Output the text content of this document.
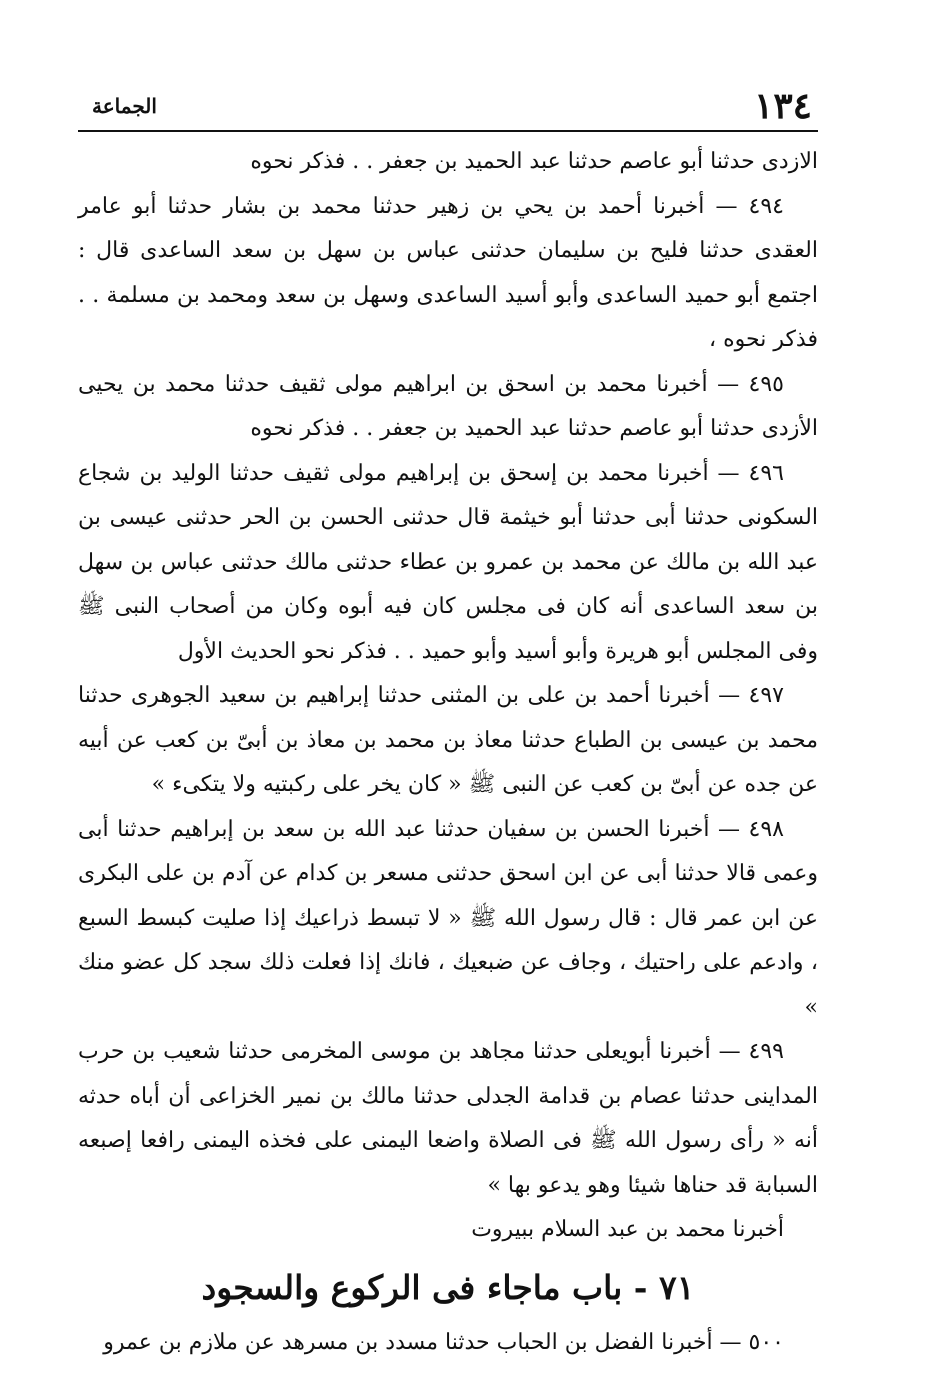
١٣٤
الجماعة

الازدى حدثنا أبو عاصم حدثنا عبد الحميد بن جعفر . . فذكر نحوه

٤٩٤ — أخبرنا أحمد بن يحي بن زهير حدثنا محمد بن بشار حدثنا أبو عامر العقدى حدثنا فليح بن سليمان حدثنى عباس بن سهل بن سعد الساعدى قال : اجتمع أبو حميد الساعدى وأبو أسيد الساعدى وسهل بن سعد ومحمد بن مسلمة . . فذكر نحوه ،

٤٩٥ — أخبرنا محمد بن اسحق بن ابراهيم مولى ثقيف حدثنا محمد بن يحيى الأزدى حدثنا أبو عاصم حدثنا عبد الحميد بن جعفر . . فذكر نحوه

٤٩٦ — أخبرنا محمد بن إسحق بن إبراهيم مولى ثقيف حدثنا الوليد بن شجاع السكونى حدثنا أبى حدثنا أبو خيثمة قال حدثنى الحسن بن الحر حدثنى عيسى بن عبد الله بن مالك عن محمد بن عمرو بن عطاء حدثنى مالك حدثنى عباس بن سهل بن سعد الساعدى أنه كان فى مجلس كان فيه أبوه وكان من أصحاب النبى ﷺ وفى المجلس أبو هريرة وأبو أسيد وأبو حميد . . فذكر نحو الحديث الأول

٤٩٧ — أخبرنا أحمد بن على بن المثنى حدثنا إبراهيم بن سعيد الجوهرى حدثنا محمد بن عيسى بن الطباع حدثنا معاذ بن محمد بن معاذ بن أبىّ بن كعب عن أبيه عن جده عن أبىّ بن كعب عن النبى ﷺ « كان يخر على ركبتيه ولا يتكىء »

٤٩٨ — أخبرنا الحسن بن سفيان حدثنا عبد الله بن سعد بن إبراهيم حدثنا أبى وعمى قالا حدثنا أبى عن ابن اسحق حدثنى مسعر بن كدام عن آدم بن على البكرى عن ابن عمر قال : قال رسول الله ﷺ « لا تبسط ذراعيك إذا صليت كبسط السبع ، وادعم على راحتيك ، وجاف عن ضبعيك ، فانك إذا فعلت ذلك سجد كل عضو منك »

٤٩٩ — أخبرنا أبويعلى حدثنا مجاهد بن موسى المخرمى حدثنا شعيب بن حرب المداينى حدثنا عصام بن قدامة الجدلى حدثنا مالك بن نمير الخزاعى أن أباه حدثه أنه « رأى رسول الله ﷺ فى الصلاة واضعا اليمنى على فخذه اليمنى رافعا إصبعه السبابة قد حناها شيئا وهو يدعو بها »

أخبرنا محمد بن عبد السلام ببيروت

٧١ - باب ماجاء فى الركوع والسجود

٥٠٠ — أخبرنا الفضل بن الحباب حدثنا مسدد بن مسرهد عن ملازم بن عمرو
